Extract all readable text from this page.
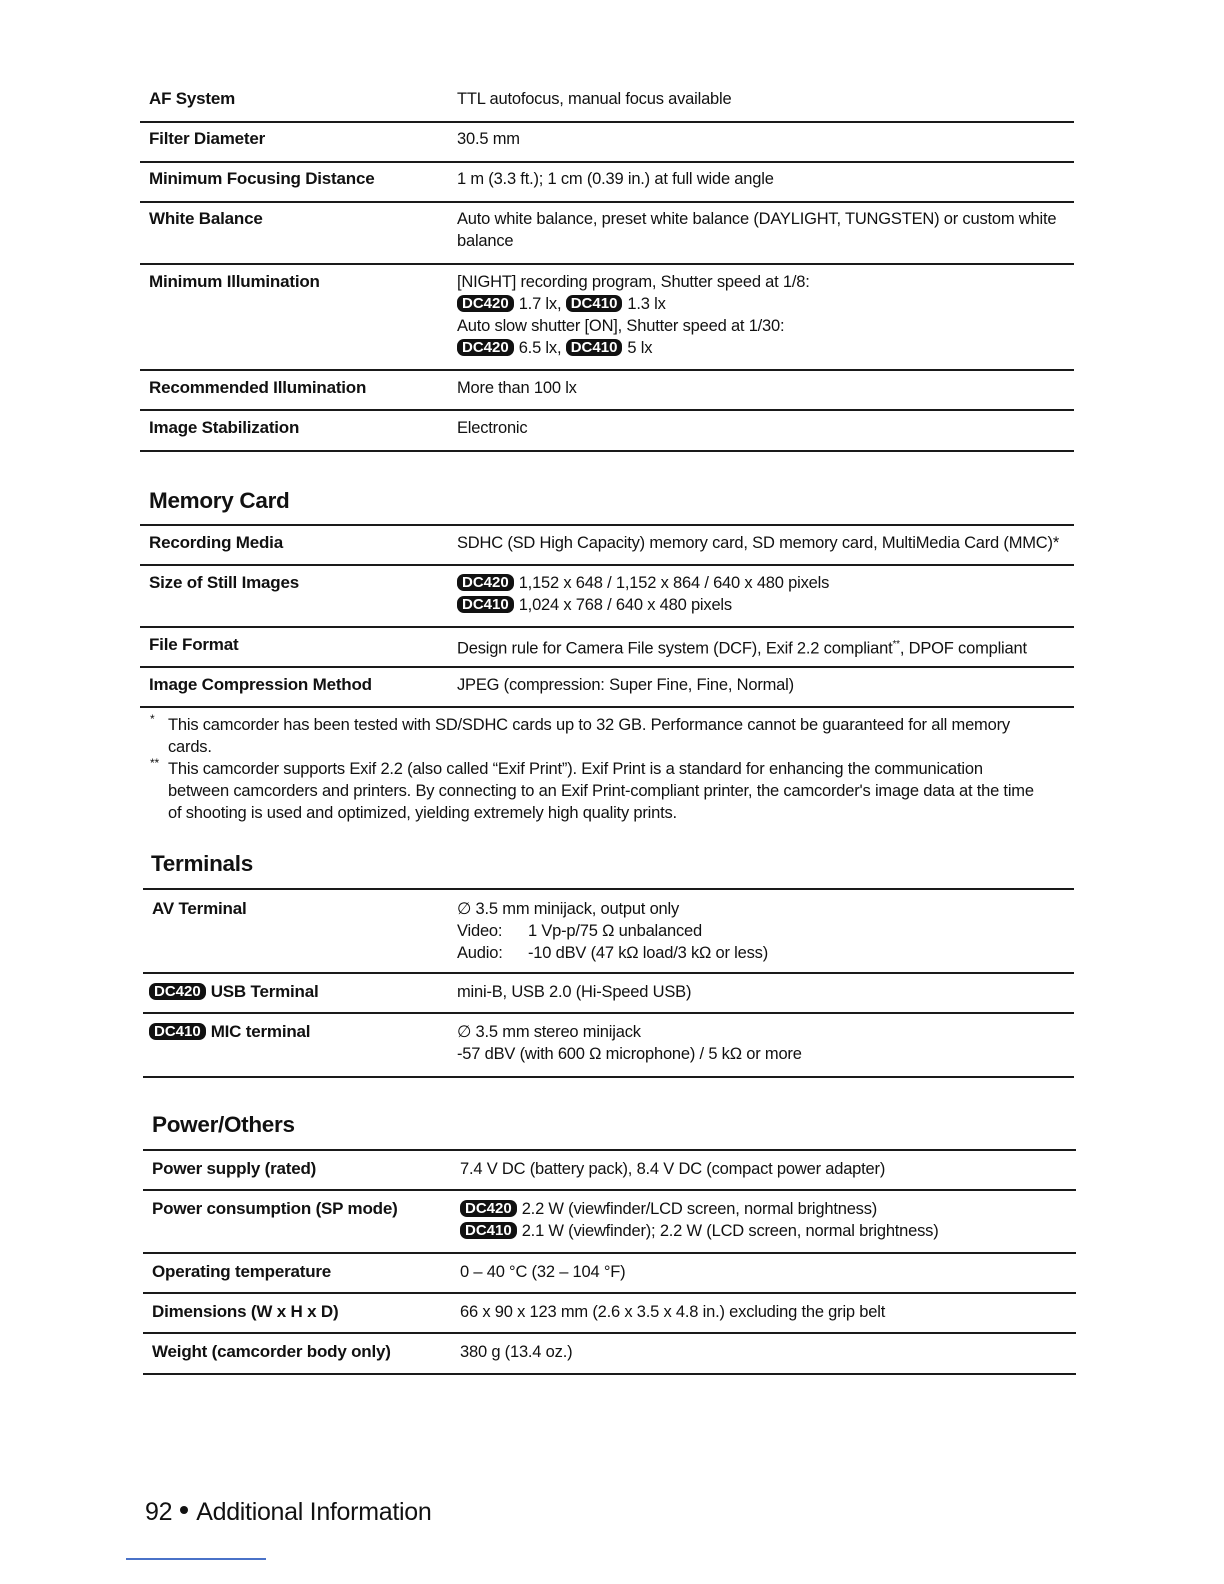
AF System	TTL autofocus, manual focus available
Filter Diameter	30.5 mm
Minimum Focusing Distance	1 m (3.3 ft.); 1 cm (0.39 in.) at full wide angle
White Balance	Auto white balance, preset white balance (DAYLIGHT, TUNGSTEN) or custom white
balance
Minimum Illumination	[NIGHT] recording program, Shutter speed at 1/8:
DC420 1.7 lx, DC410 1.3 lx
Auto slow shutter [ON], Shutter speed at 1/30:
DC420 6.5 lx, DC410 5 lx
Recommended Illumination	More than 100 lx
Image Stabilization	Electronic
Memory Card
Recording Media	SDHC (SD High Capacity) memory card, SD memory card, MultiMedia Card (MMC)*
Size of Still Images	DC420 1,152 x 648 / 1,152 x 864 / 640 x 480 pixels
DC410 1,024 x 768 / 640 x 480 pixels
File Format	Design rule for Camera File system (DCF), Exif 2.2 compliant**, DPOF compliant
Image Compression Method	JPEG (compression: Super Fine, Fine, Normal)
* This camcorder has been tested with SD/SDHC cards up to 32 GB. Performance cannot be guaranteed for all memory cards.
** This camcorder supports Exif 2.2 (also called “Exif Print”). Exif Print is a standard for enhancing the communication between camcorders and printers. By connecting to an Exif Print-compliant printer, the camcorder's image data at the time of shooting is used and optimized, yielding extremely high quality prints.
Terminals
AV Terminal	∅ 3.5 mm minijack, output only
Video: 1 Vp-p/75 Ω unbalanced
Audio: -10 dBV (47 kΩ load/3 kΩ or less)
DC420 USB Terminal	mini-B, USB 2.0 (Hi-Speed USB)
DC410 MIC terminal	∅ 3.5 mm stereo minijack
-57 dBV (with 600 Ω microphone) / 5 kΩ or more
Power/Others
Power supply (rated)	7.4 V DC (battery pack), 8.4 V DC (compact power adapter)
Power consumption (SP mode)	DC420 2.2 W (viewfinder/LCD screen, normal brightness)
DC410 2.1 W (viewfinder); 2.2 W (LCD screen, normal brightness)
Operating temperature	0 – 40 °C (32 – 104 °F)
Dimensions (W x H x D)	66 x 90 x 123 mm (2.6 x 3.5 x 4.8 in.) excluding the grip belt
Weight (camcorder body only)	380 g (13.4 oz.)
92 Additional Information
